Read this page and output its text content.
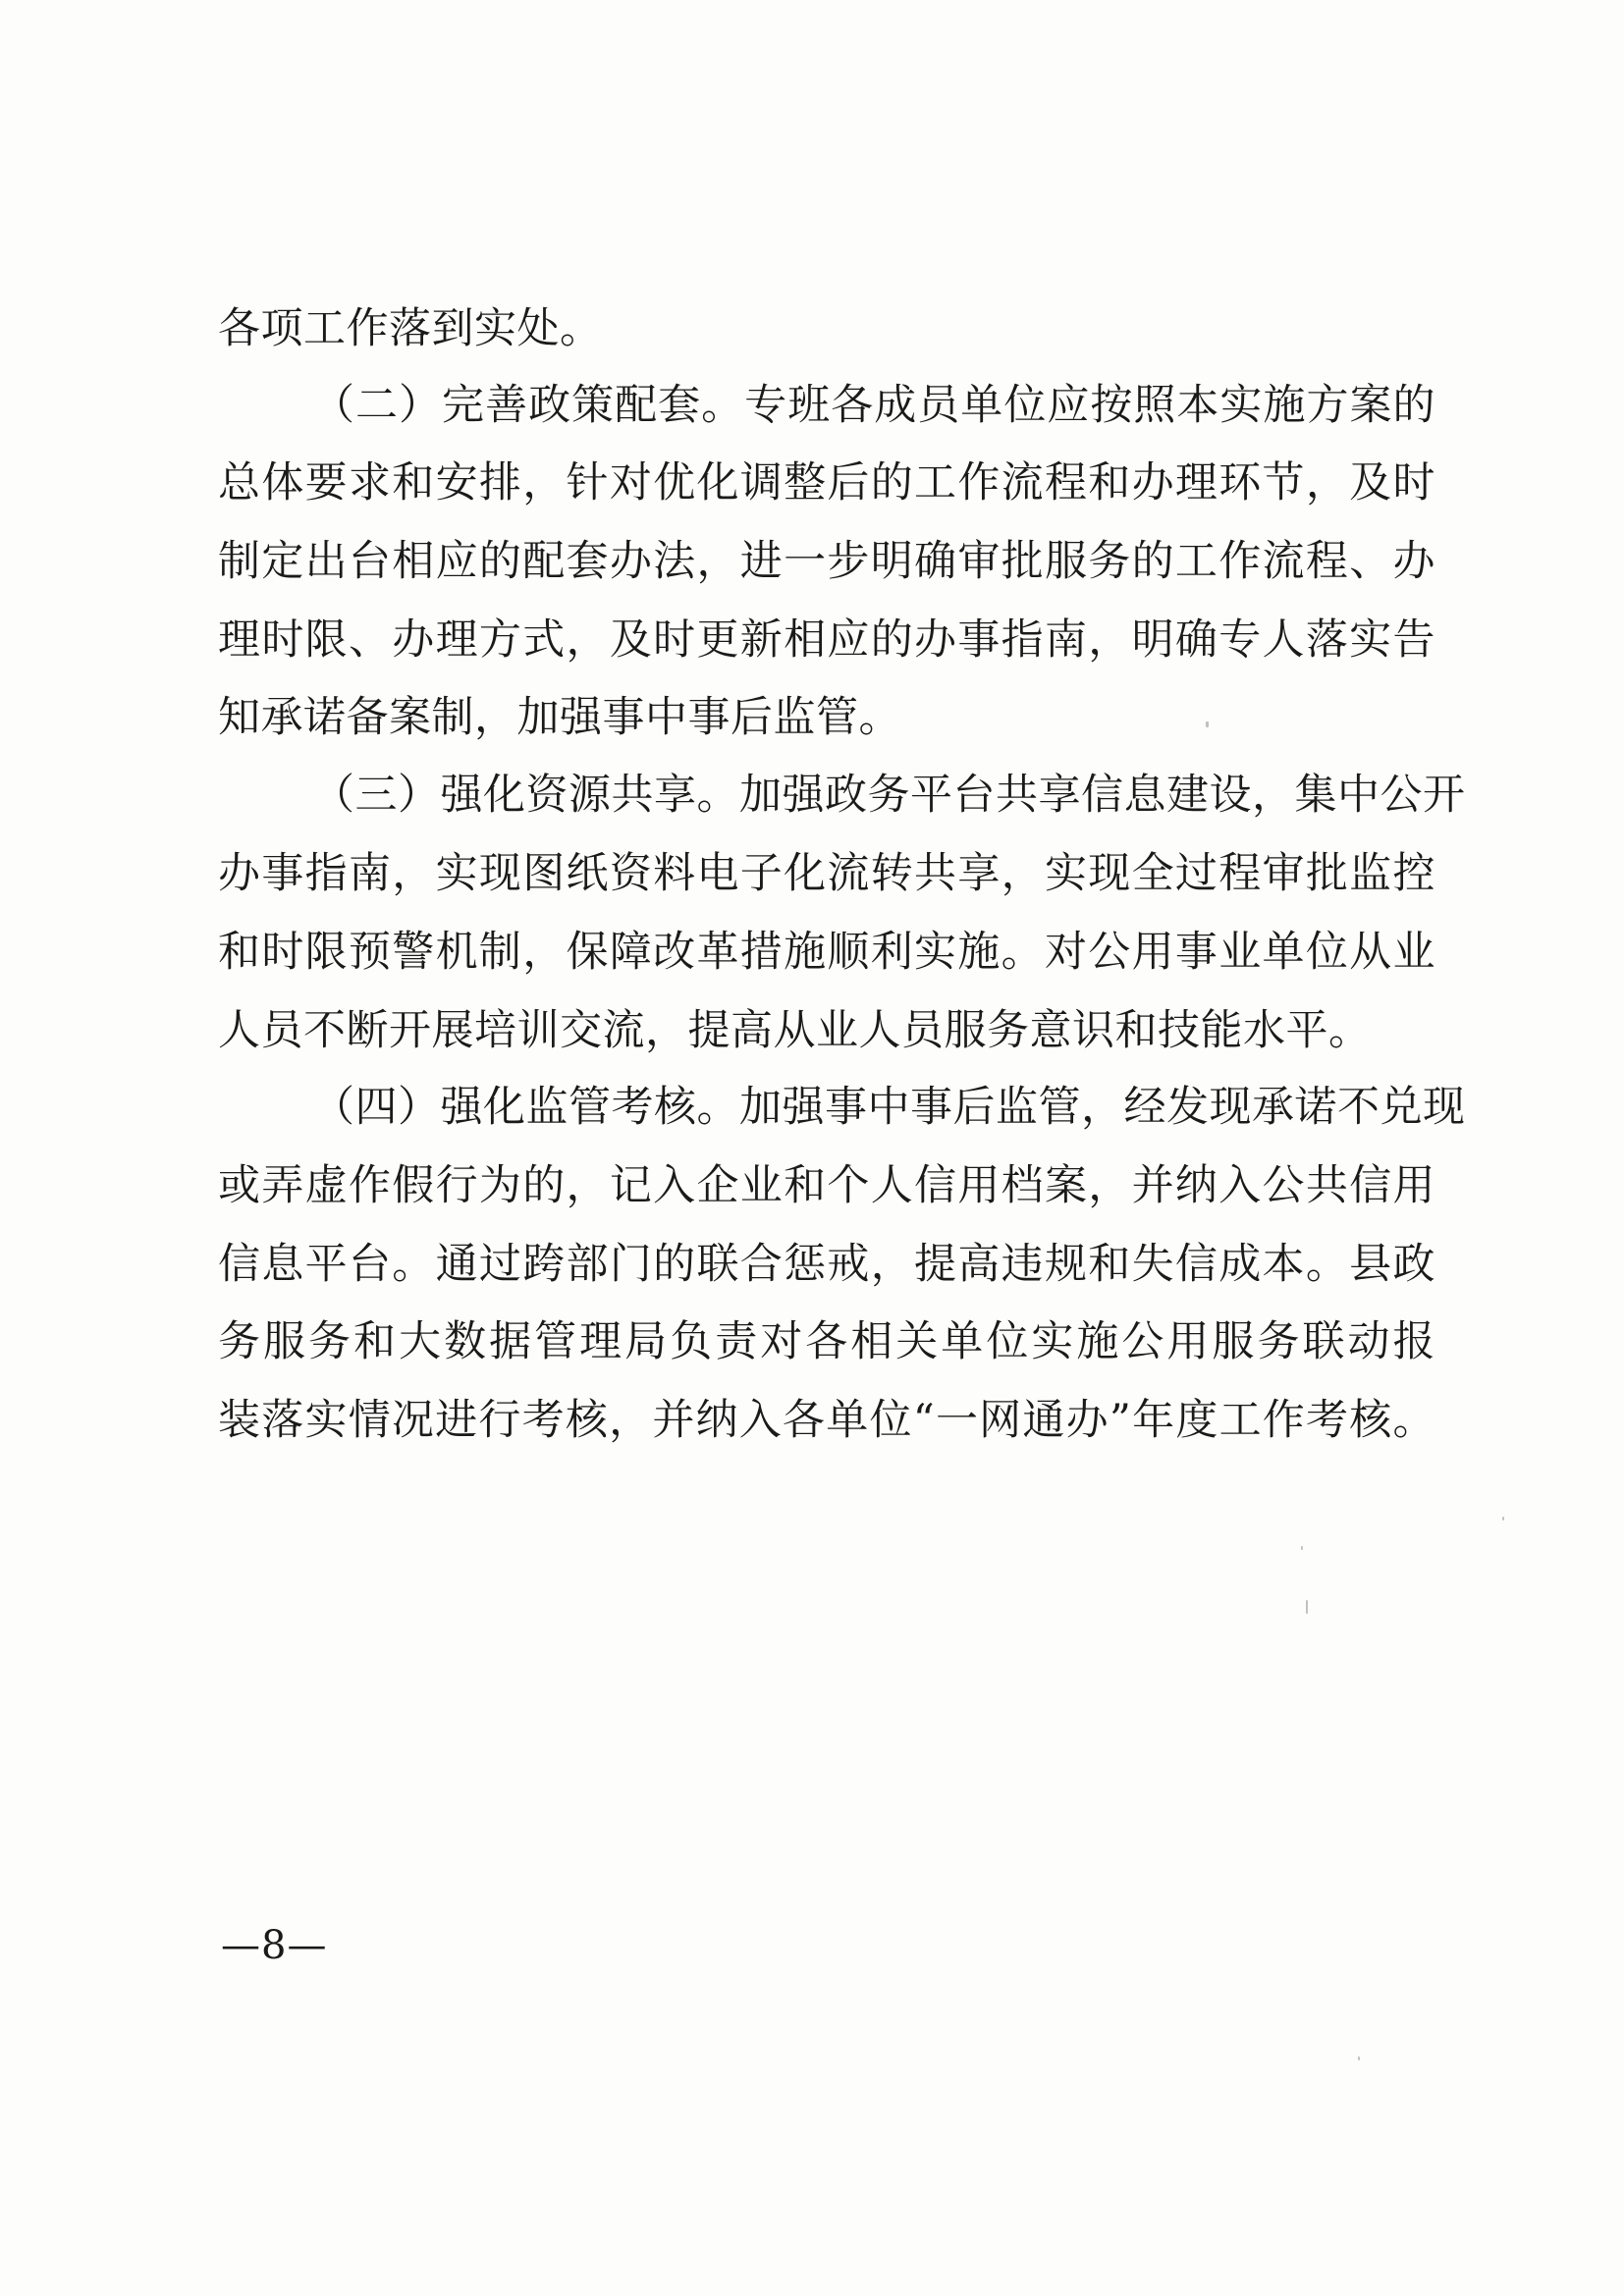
各项工作落到实处。
（二）完善政策配套。专班各成员单位应按照本实施方案的
总体要求和安排，针对优化调整后的工作流程和办理环节，及时
制定出台相应的配套办法，进一步明确审批服务的工作流程、办
理时限、办理方式，及时更新相应的办事指南，明确专人落实告
知承诺备案制，加强事中事后监管。
（三）强化资源共享。加强政务平台共享信息建设，集中公开
办事指南，实现图纸资料电子化流转共享，实现全过程审批监控
和时限预警机制，保障改革措施顺利实施。对公用事业单位从业
人员不断开展培训交流，提高从业人员服务意识和技能水平。
（四）强化监管考核。加强事中事后监管，经发现承诺不兑现
或弄虚作假行为的，记入企业和个人信用档案，并纳入公共信用
信息平台。通过跨部门的联合惩戒，提高违规和失信成本。县政
务服务和大数据管理局负责对各相关单位实施公用服务联动报
装落实情况进行考核，并纳入各单位“一网通办”年度工作考核。
—8—
